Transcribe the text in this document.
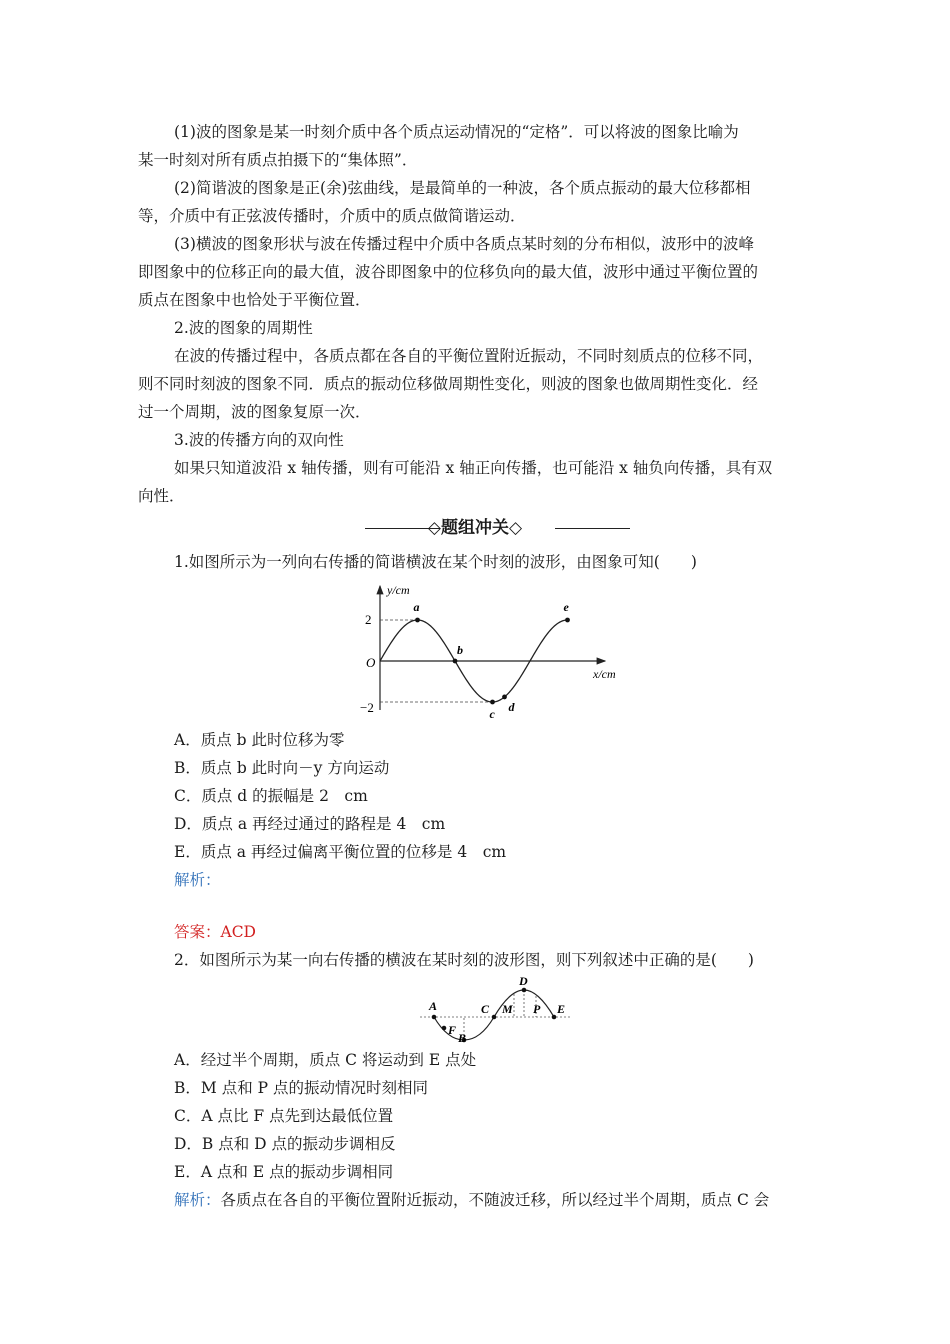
(1)波的图象是某一时刻介质中各个质点运动情况的“定格”．可以将波的图象比喻为

某一时刻对所有质点拍摄下的“集体照”．

(2)简谐波的图象是正(余)弦曲线，是最简单的一种波，各个质点振动的最大位移都相

等，介质中有正弦波传播时，介质中的质点做简谐运动．

(3)横波的图象形状与波在传播过程中介质中各质点某时刻的分布相似，波形中的波峰

即图象中的位移正向的最大值，波谷即图象中的位移负向的最大值，波形中通过平衡位置的

质点在图象中也恰处于平衡位置．

2.波的图象的周期性

在波的传播过程中，各质点都在各自的平衡位置附近振动，不同时刻质点的位移不同，

则不同时刻波的图象不同．质点的振动位移做周期性变化，则波的图象也做周期性变化．经

过一个周期，波的图象复原一次．

3.波的传播方向的双向性

如果只知道波沿 x 轴传播，则有可能沿 x 轴正向传播，也可能沿 x 轴负向传播，具有双

向性．

◇题组冲关◇

1.如图所示为一列向右传播的简谐横波在某个时刻的波形，由图象可知(　　)

y/cm
x/cm
2
O
−2
a
b
c
d
e

A．质点 b 此时位移为零

B．质点 b 此时向－y 方向运动

C．质点 d 的振幅是 2　cm

D．质点 a 再经过通过的路程是 4　cm

E．质点 a 再经过偏离平衡位置的位移是 4　cm

解析：

答案：ACD

2．如图所示为某一向右传播的横波在某时刻的波形图，则下列叙述中正确的是(　　)

A
F
B
C M
D
P E

A．经过半个周期，质点 C 将运动到 E 点处

B．M 点和 P 点的振动情况时刻相同

C．A 点比 F 点先到达最低位置

D．B 点和 D 点的振动步调相反

E．A 点和 E 点的振动步调相同

解析：各质点在各自的平衡位置附近振动，不随波迁移，所以经过半个周期，质点 C 会
